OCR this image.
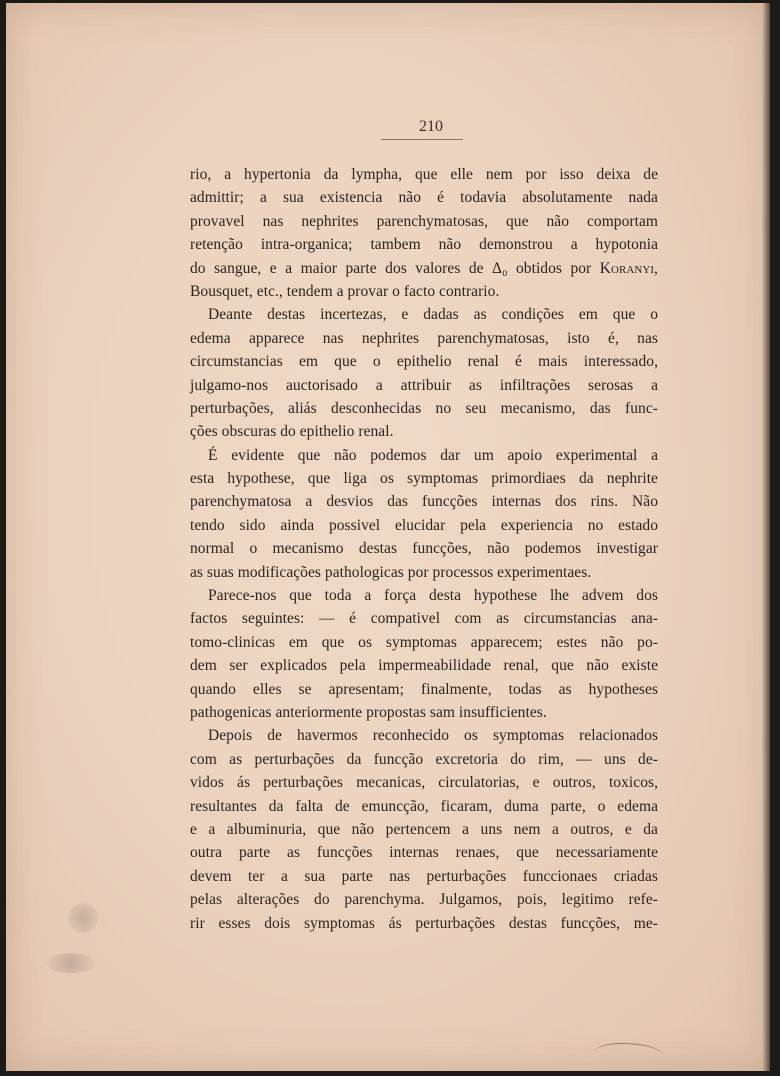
210
rio, a hypertonia da lympha, que elle nem por isso deixa de
admittir; a sua existencia não é todavia absolutamente nada
provavel nas nephrites parenchymatosas, que não comportam
retenção intra-organica; tambem não demonstrou a hypotonia
do sangue, e a maior parte dos valores de Δ₀ obtidos por Koranyi,
Bousquet, etc., tendem a provar o facto contrario.
Deante destas incertezas, e dadas as condições em que o
edema apparece nas nephrites parenchymatosas, isto é, nas
circumstancias em que o epithelio renal é mais interessado,
julgamo-nos auctorisado a attribuir as infiltrações serosas a
perturbações, aliás desconhecidas no seu mecanismo, das func-
ções obscuras do epithelio renal.
É evidente que não podemos dar um apoio experimental a
esta hypothese, que liga os symptomas primordiaes da nephrite
parenchymatosa a desvios das funcções internas dos rins. Não
tendo sido ainda possivel elucidar pela experiencia no estado
normal o mecanismo destas funcções, não podemos investigar
as suas modificações pathologicas por processos experimentaes.
Parece-nos que toda a força desta hypothese lhe advem dos
factos seguintes: — é compativel com as circumstancias ana-
tomo-clinicas em que os symptomas apparecem; estes não po-
dem ser explicados pela impermeabilidade renal, que não existe
quando elles se apresentam; finalmente, todas as hypotheses
pathogenicas anteriormente propostas sam insufficientes.
Depois de havermos reconhecido os symptomas relacionados
com as perturbações da funcção excretoria do rim, — uns de-
vidos ás perturbações mecanicas, circulatorias, e outros, toxicos,
resultantes da falta de emuncção, ficaram, duma parte, o edema
e a albuminuria, que não pertencem a uns nem a outros, e da
outra parte as funcções internas renaes, que necessariamente
devem ter a sua parte nas perturbações funccionaes criadas
pelas alterações do parenchyma. Julgamos, pois, legitimo refe-
rir esses dois symptomas ás perturbações destas funcções, me-
